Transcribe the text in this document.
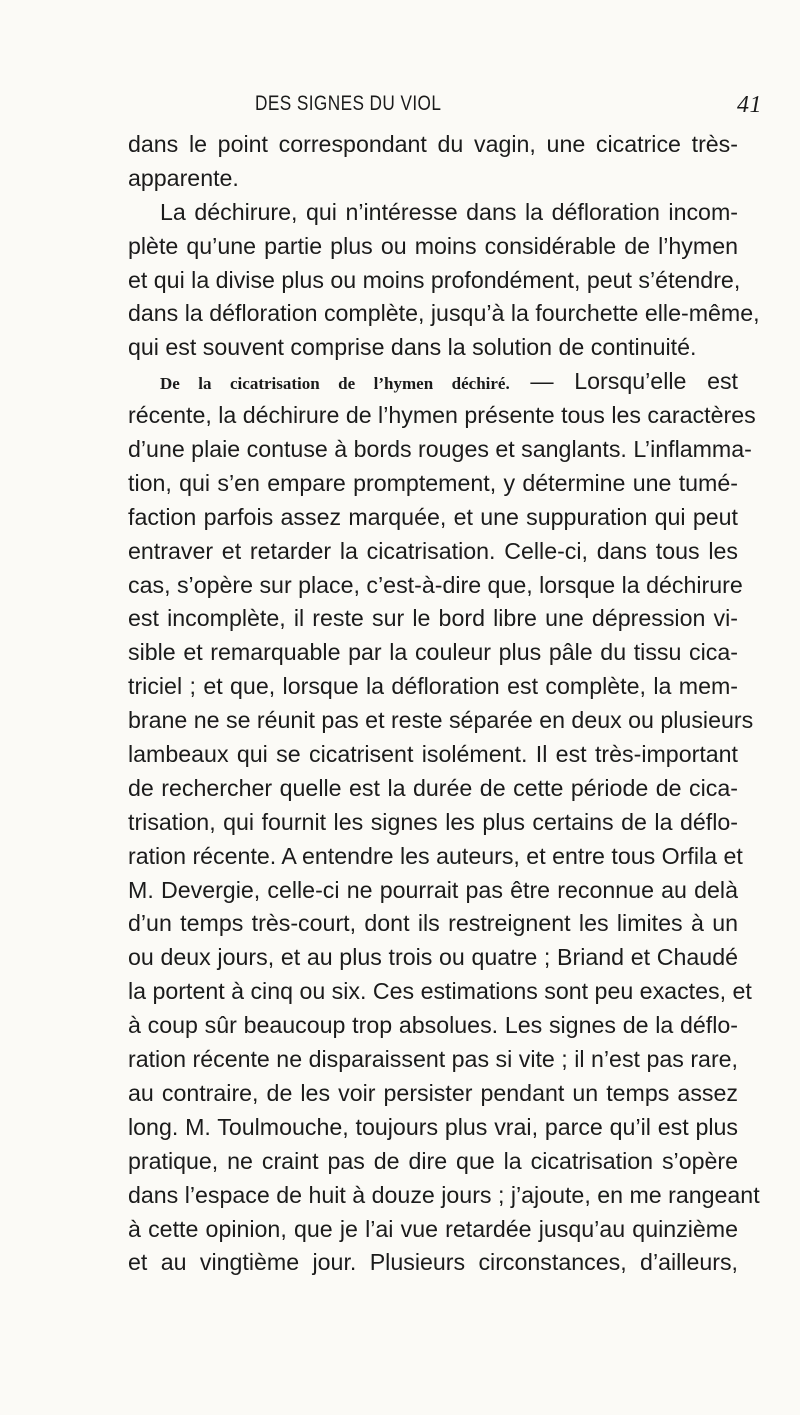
DES SIGNES DU VIOL	41
dans le point correspondant du vagin, une cicatrice très-
apparente.
La déchirure, qui n’intéresse dans la défloration incom-
plète qu’une partie plus ou moins considérable de l’hymen
et qui la divise plus ou moins profondément, peut s’étendre,
dans la défloration complète, jusqu’à la fourchette elle-même,
qui est souvent comprise dans la solution de continuité.
De la cicatrisation de l’hymen déchiré. — Lorsqu’elle est
récente, la déchirure de l’hymen présente tous les caractères
d’une plaie contuse à bords rouges et sanglants. L’inflamma-
tion, qui s’en empare promptement, y détermine une tumé-
faction parfois assez marquée, et une suppuration qui peut
entraver et retarder la cicatrisation. Celle-ci, dans tous les
cas, s’opère sur place, c’est-à-dire que, lorsque la déchirure
est incomplète, il reste sur le bord libre une dépression vi-
sible et remarquable par la couleur plus pâle du tissu cica-
triciel ; et que, lorsque la défloration est complète, la mem-
brane ne se réunit pas et reste séparée en deux ou plusieurs
lambeaux qui se cicatrisent isolément. Il est très-important
de rechercher quelle est la durée de cette période de cica-
trisation, qui fournit les signes les plus certains de la déflo-
ration récente. A entendre les auteurs, et entre tous Orfila et
M. Devergie, celle-ci ne pourrait pas être reconnue au delà
d’un temps très-court, dont ils restreignent les limites à un
ou deux jours, et au plus trois ou quatre ; Briand et Chaudé
la portent à cinq ou six. Ces estimations sont peu exactes, et
à coup sûr beaucoup trop absolues. Les signes de la déflo-
ration récente ne disparaissent pas si vite ; il n’est pas rare,
au contraire, de les voir persister pendant un temps assez
long. M. Toulmouche, toujours plus vrai, parce qu’il est plus
pratique, ne craint pas de dire que la cicatrisation s’opère
dans l’espace de huit à douze jours ; j’ajoute, en me rangeant
à cette opinion, que je l’ai vue retardée jusqu’au quinzième
et au vingtième jour. Plusieurs circonstances, d’ailleurs,
